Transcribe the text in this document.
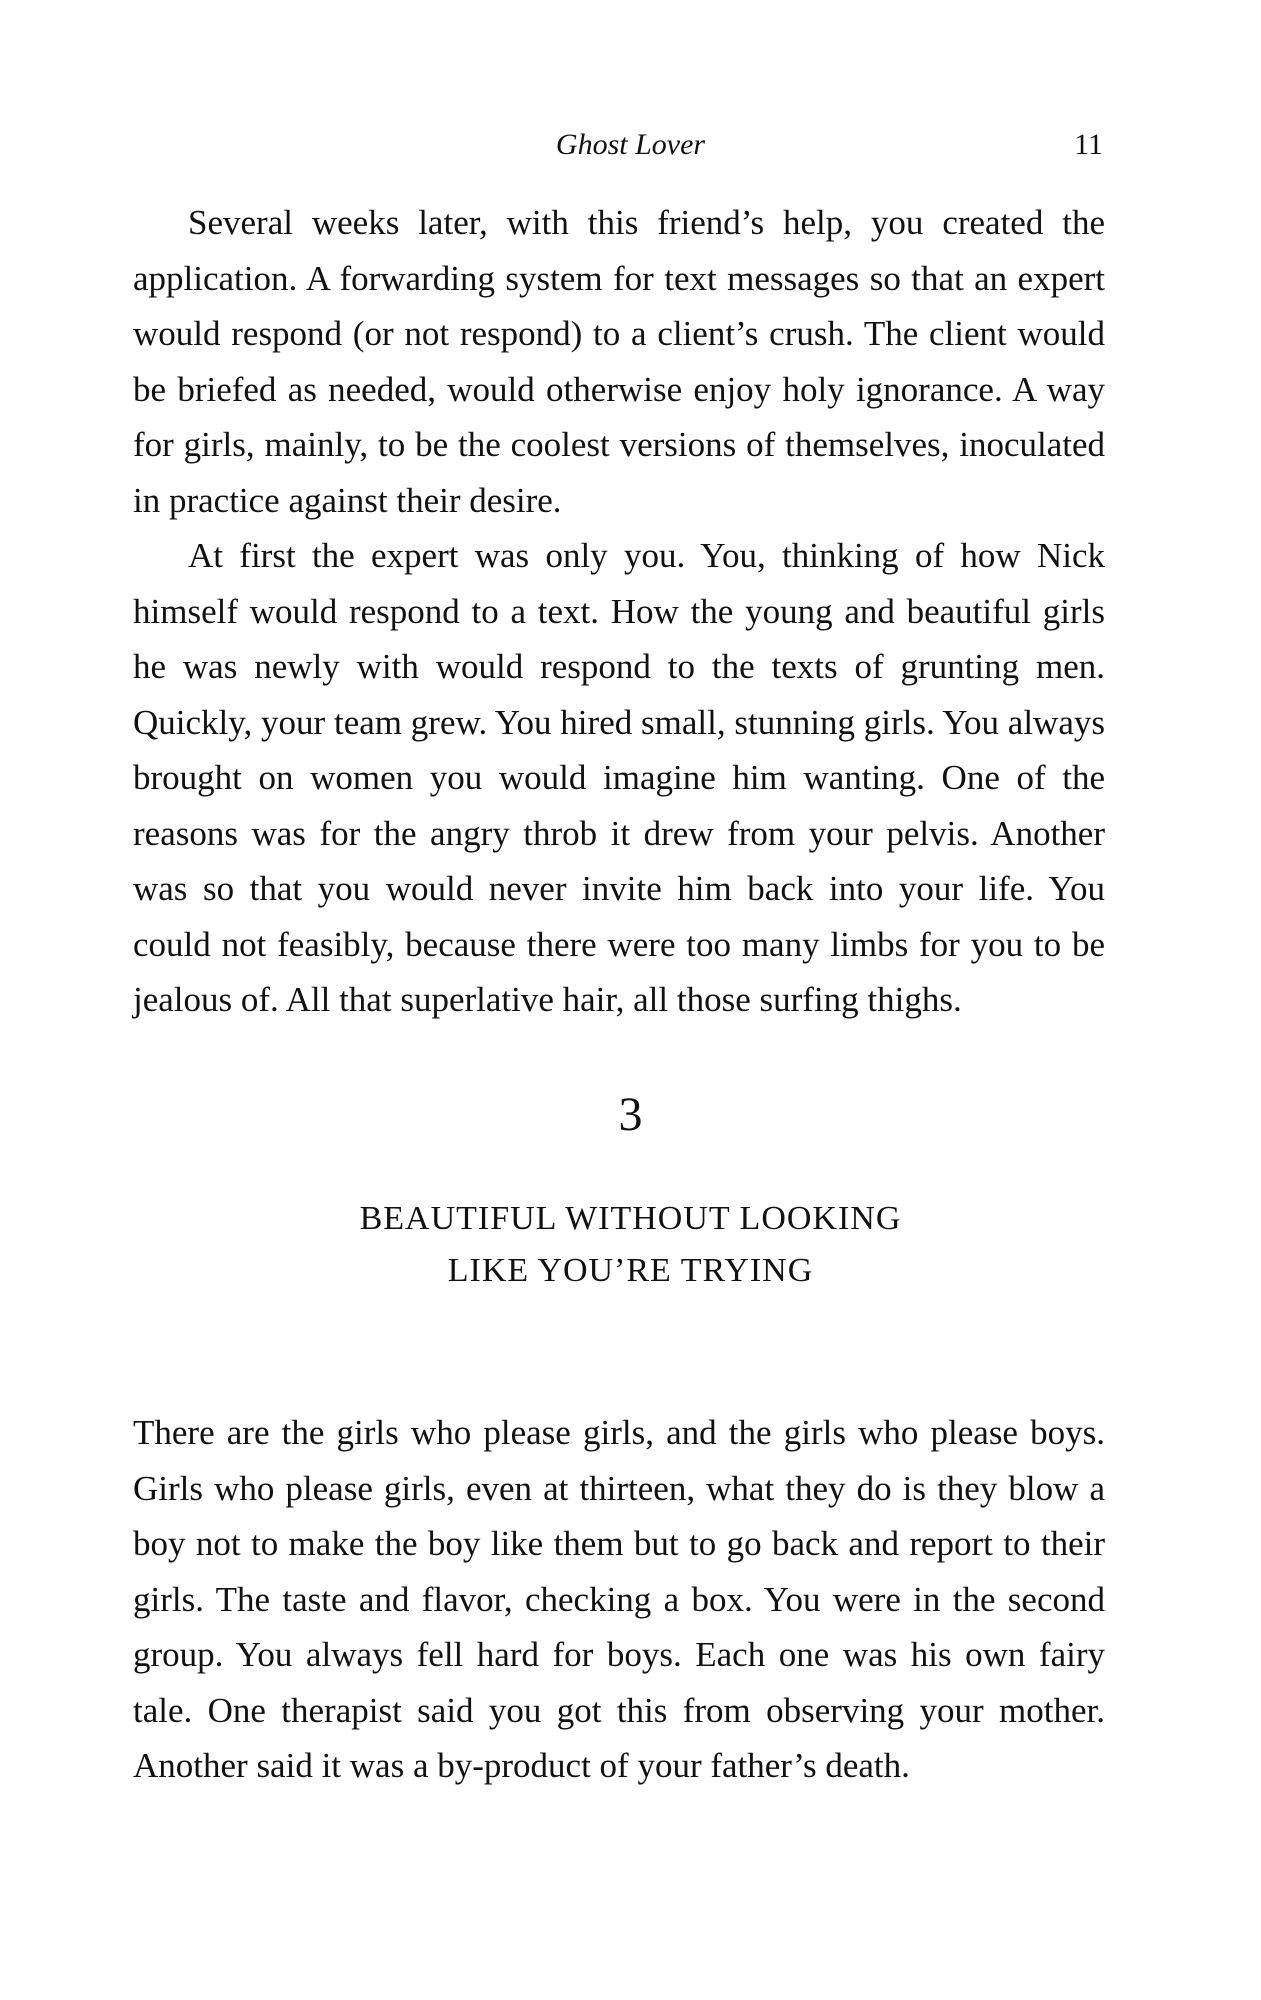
Ghost Lover	11

Several weeks later, with this friend’s help, you created the application. A forwarding system for text messages so that an expert would respond (or not respond) to a client’s crush. The client would be briefed as needed, would otherwise enjoy holy ignorance. A way for girls, mainly, to be the coolest versions of themselves, inoculated in practice against their desire.

At first the expert was only you. You, thinking of how Nick himself would respond to a text. How the young and beautiful girls he was newly with would respond to the texts of grunting men. Quickly, your team grew. You hired small, stunning girls. You always brought on women you would imagine him wanting. One of the reasons was for the angry throb it drew from your pelvis. Another was so that you would never invite him back into your life. You could not feasibly, because there were too many limbs for you to be jealous of. All that superlative hair, all those surfing thighs.

3
BEAUTIFUL WITHOUT LOOKING
LIKE YOU’RE TRYING

There are the girls who please girls, and the girls who please boys. Girls who please girls, even at thirteen, what they do is they blow a boy not to make the boy like them but to go back and report to their girls. The taste and flavor, checking a box. You were in the second group. You always fell hard for boys. Each one was his own fairy tale. One therapist said you got this from observing your mother. Another said it was a by-product of your father’s death.
